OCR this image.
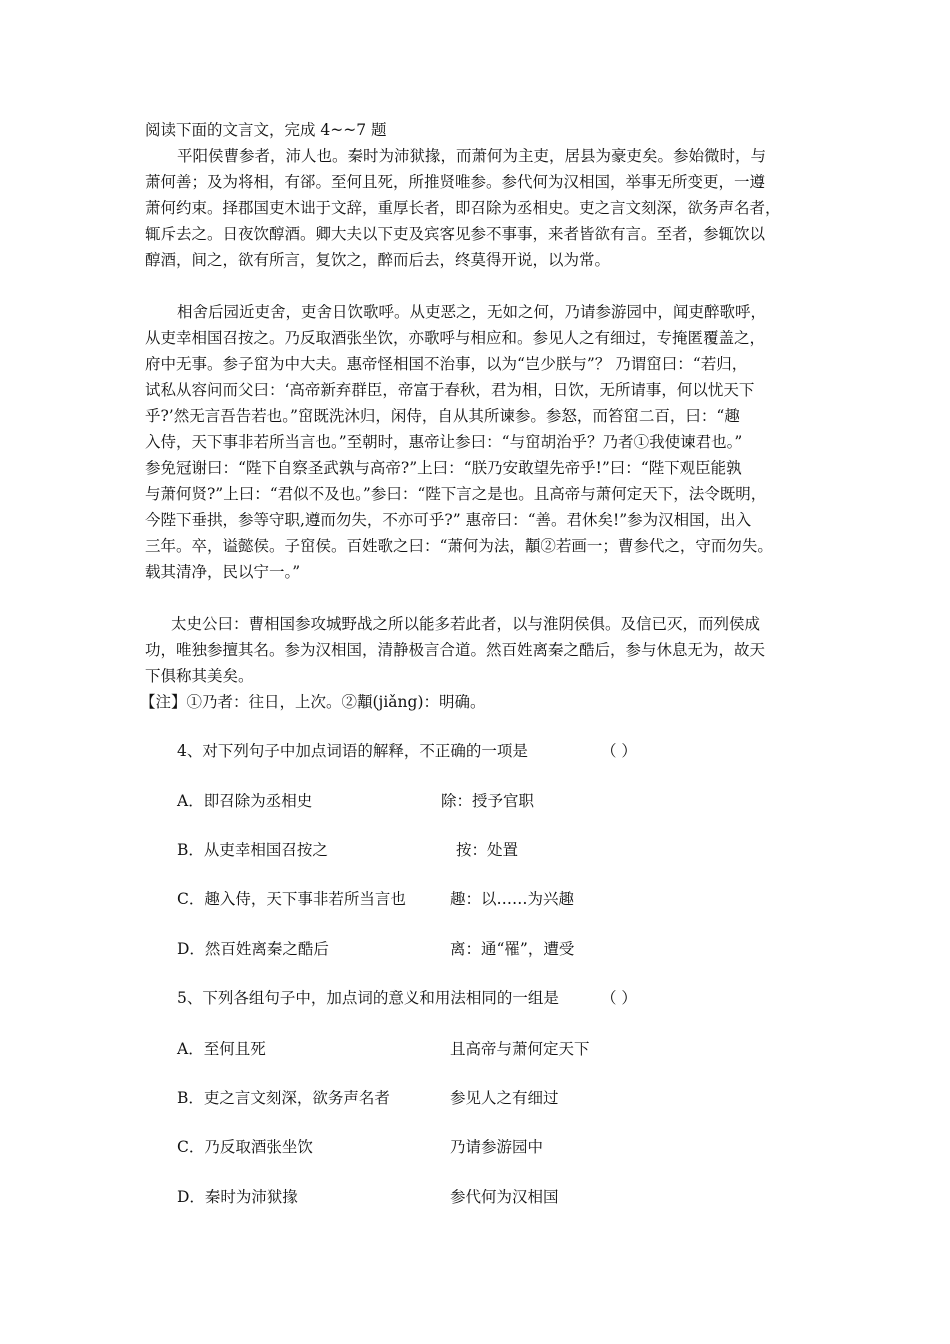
阅读下面的文言文，完成 4~~7 题
平阳侯曹参者，沛人也。秦时为沛狱掾，而萧何为主吏，居县为豪吏矣。参始微时，与
萧何善；及为将相，有郤。至何且死，所推贤唯参。参代何为汉相国，举事无所变更，一遵
萧何约束。择郡国吏木诎于文辞，重厚长者，即召除为丞相史。吏之言文刻深，欲务声名者，
辄斥去之。日夜饮醇酒。卿大夫以下吏及宾客见参不事事，来者皆欲有言。至者，参辄饮以
醇酒，间之，欲有所言，复饮之，醉而后去，终莫得开说，以为常。
相舍后园近吏舍，吏舍日饮歌呼。从吏恶之，无如之何，乃请参游园中，闻吏醉歌呼，
从吏幸相国召按之。乃反取酒张坐饮，亦歌呼与相应和。参见人之有细过，专掩匿覆盖之，
府中无事。参子窋为中大夫。惠帝怪相国不治事，以为“岂少朕与”？ 乃谓窋曰：“若归，
试私从容问而父曰：‘高帝新弃群臣，帝富于春秋，君为相，日饮，无所请事，何以忧天下
乎?’然无言吾告若也。”窋既洗沐归，闲侍，自从其所谏参。参怒，而笞窋二百，曰：“趣
入侍，天下事非若所当言也。”至朝时，惠帝让参曰：“与窋胡治乎？乃者①我使谏君也。”
参免冠谢曰：“陛下自察圣武孰与高帝?”上曰：“朕乃安敢望先帝乎!”曰：“陛下观臣能孰
与萧何贤?”上曰：“君似不及也。”参曰：“陛下言之是也。且高帝与萧何定天下，法令既明，
今陛下垂拱，参等守职,遵而勿失，不亦可乎?” 惠帝曰：“善。君休矣!”参为汉相国，出入
三年。卒，谥懿侯。子窋侯。百姓歌之曰：“萧何为法，顜②若画一；曹参代之，守而勿失。
载其清净，民以宁一。”
太史公曰：曹相国参攻城野战之所以能多若此者，以与淮阴侯俱。及信已灭，而列侯成
功，唯独参擅其名。参为汉相国，清静极言合道。然百姓离秦之酷后，参与休息无为，故天
下俱称其美矣。
【注】①乃者：往日，上次。②顜(jiǎng)：明确。
4、对下列句子中加点词语的解释，不正确的一项是	（ ）
A．即召除为丞相史	除：授予官职
B．从吏幸相国召按之	按：处置
C．趣入侍，天下事非若所当言也	趣：以……为兴趣
D．然百姓离秦之酷后	离：通“罹”，遭受
5、下列各组句子中，加点词的意义和用法相同的一组是	（ ）
A．至何且死	且高帝与萧何定天下
B．吏之言文刻深，欲务声名者	参见人之有细过
C．乃反取酒张坐饮	乃请参游园中
D．秦时为沛狱掾	参代何为汉相国
